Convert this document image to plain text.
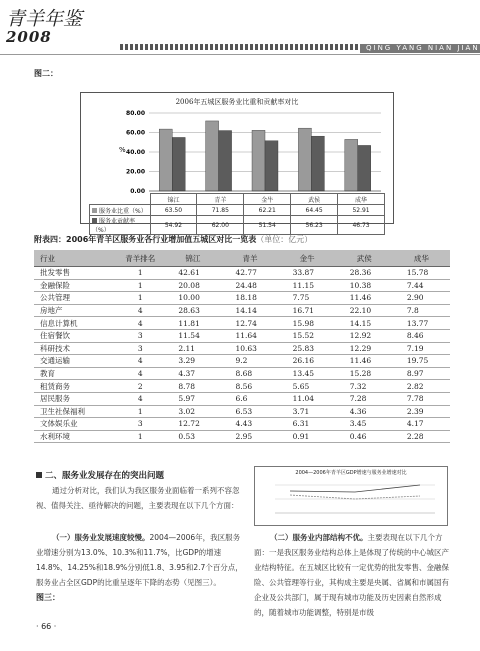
青羊年鉴
2008
QING YANG NIAN JIAN
图二：
2006年五城区服务业比重和贡献率对比
80.00
60.00
40.00
20.00
0.00
%
	锦江	青羊	金牛	武侯	成华
服务业比重（%）	63.50	71.85	62.21	64.45	52.91
服务业贡献率（%）	54.92	62.00	51.54	56.23	46.73
附表四：2006年青羊区服务业各行业增加值五城区对比一览表（单位：亿元）
行业	青羊排名	锦江	青羊	金牛	武侯	成华
批发零售	1	42.61	42.77	33.87	28.36	15.78
金融保险	1	20.08	24.48	11.15	10.38	7.44
公共管理	1	10.00	18.18	7.75	11.46	2.90
房地产	4	28.63	14.14	16.71	22.10	7.8
信息计算机	4	11.81	12.74	15.98	14.15	13.77
住宿餐饮	3	11.54	11.64	15.52	12.92	8.46
科研技术	3	2.11	10.63	25.83	12.29	7.19
交通运输	4	3.29	9.2	26.16	11.46	19.75
教育	4	4.37	8.68	13.45	15.28	8.97
租赁商务	2	8.78	8.56	5.65	7.32	2.82
居民服务	4	5.97	6.6	11.04	7.28	7.78
卫生社保福利	1	3.02	6.53	3.71	4.36	2.39
文体娱乐业	3	12.72	4.43	6.31	3.45	4.17
水利环境	1	0.53	2.95	0.91	0.46	2.28
二、服务业发展存在的突出问题
通过分析对比，我们认为我区服务业面临着一系列不容忽视、值得关注、亟待解决的问题，主要表现在以下几个方面：
（一）服务业发展速度较慢。2004—2006年，我区服务业增速分别为13.0%、10.3%和11.7%，比GDP的增速14.8%、14.25%和18.9%分别低1.8、3.95和2.7个百分点，服务业占全区GDP的比重呈逐年下降的态势（见图三）。
图三：
2004—2006年青羊区GDP增速与服务业增速对比
（二）服务业内部结构不优。主要表现在以下几个方面：一是我区服务业结构总体上是体现了传统的中心城区产业结构特征。在五城区比较有一定优势的批发零售、金融保险、公共管理等行业，其构成主要是央属、省属和市属国有企业及公共部门，属于现有城市功能及历史因素自然形成的，随着城市功能调整，特别是市级
· 66 ·
